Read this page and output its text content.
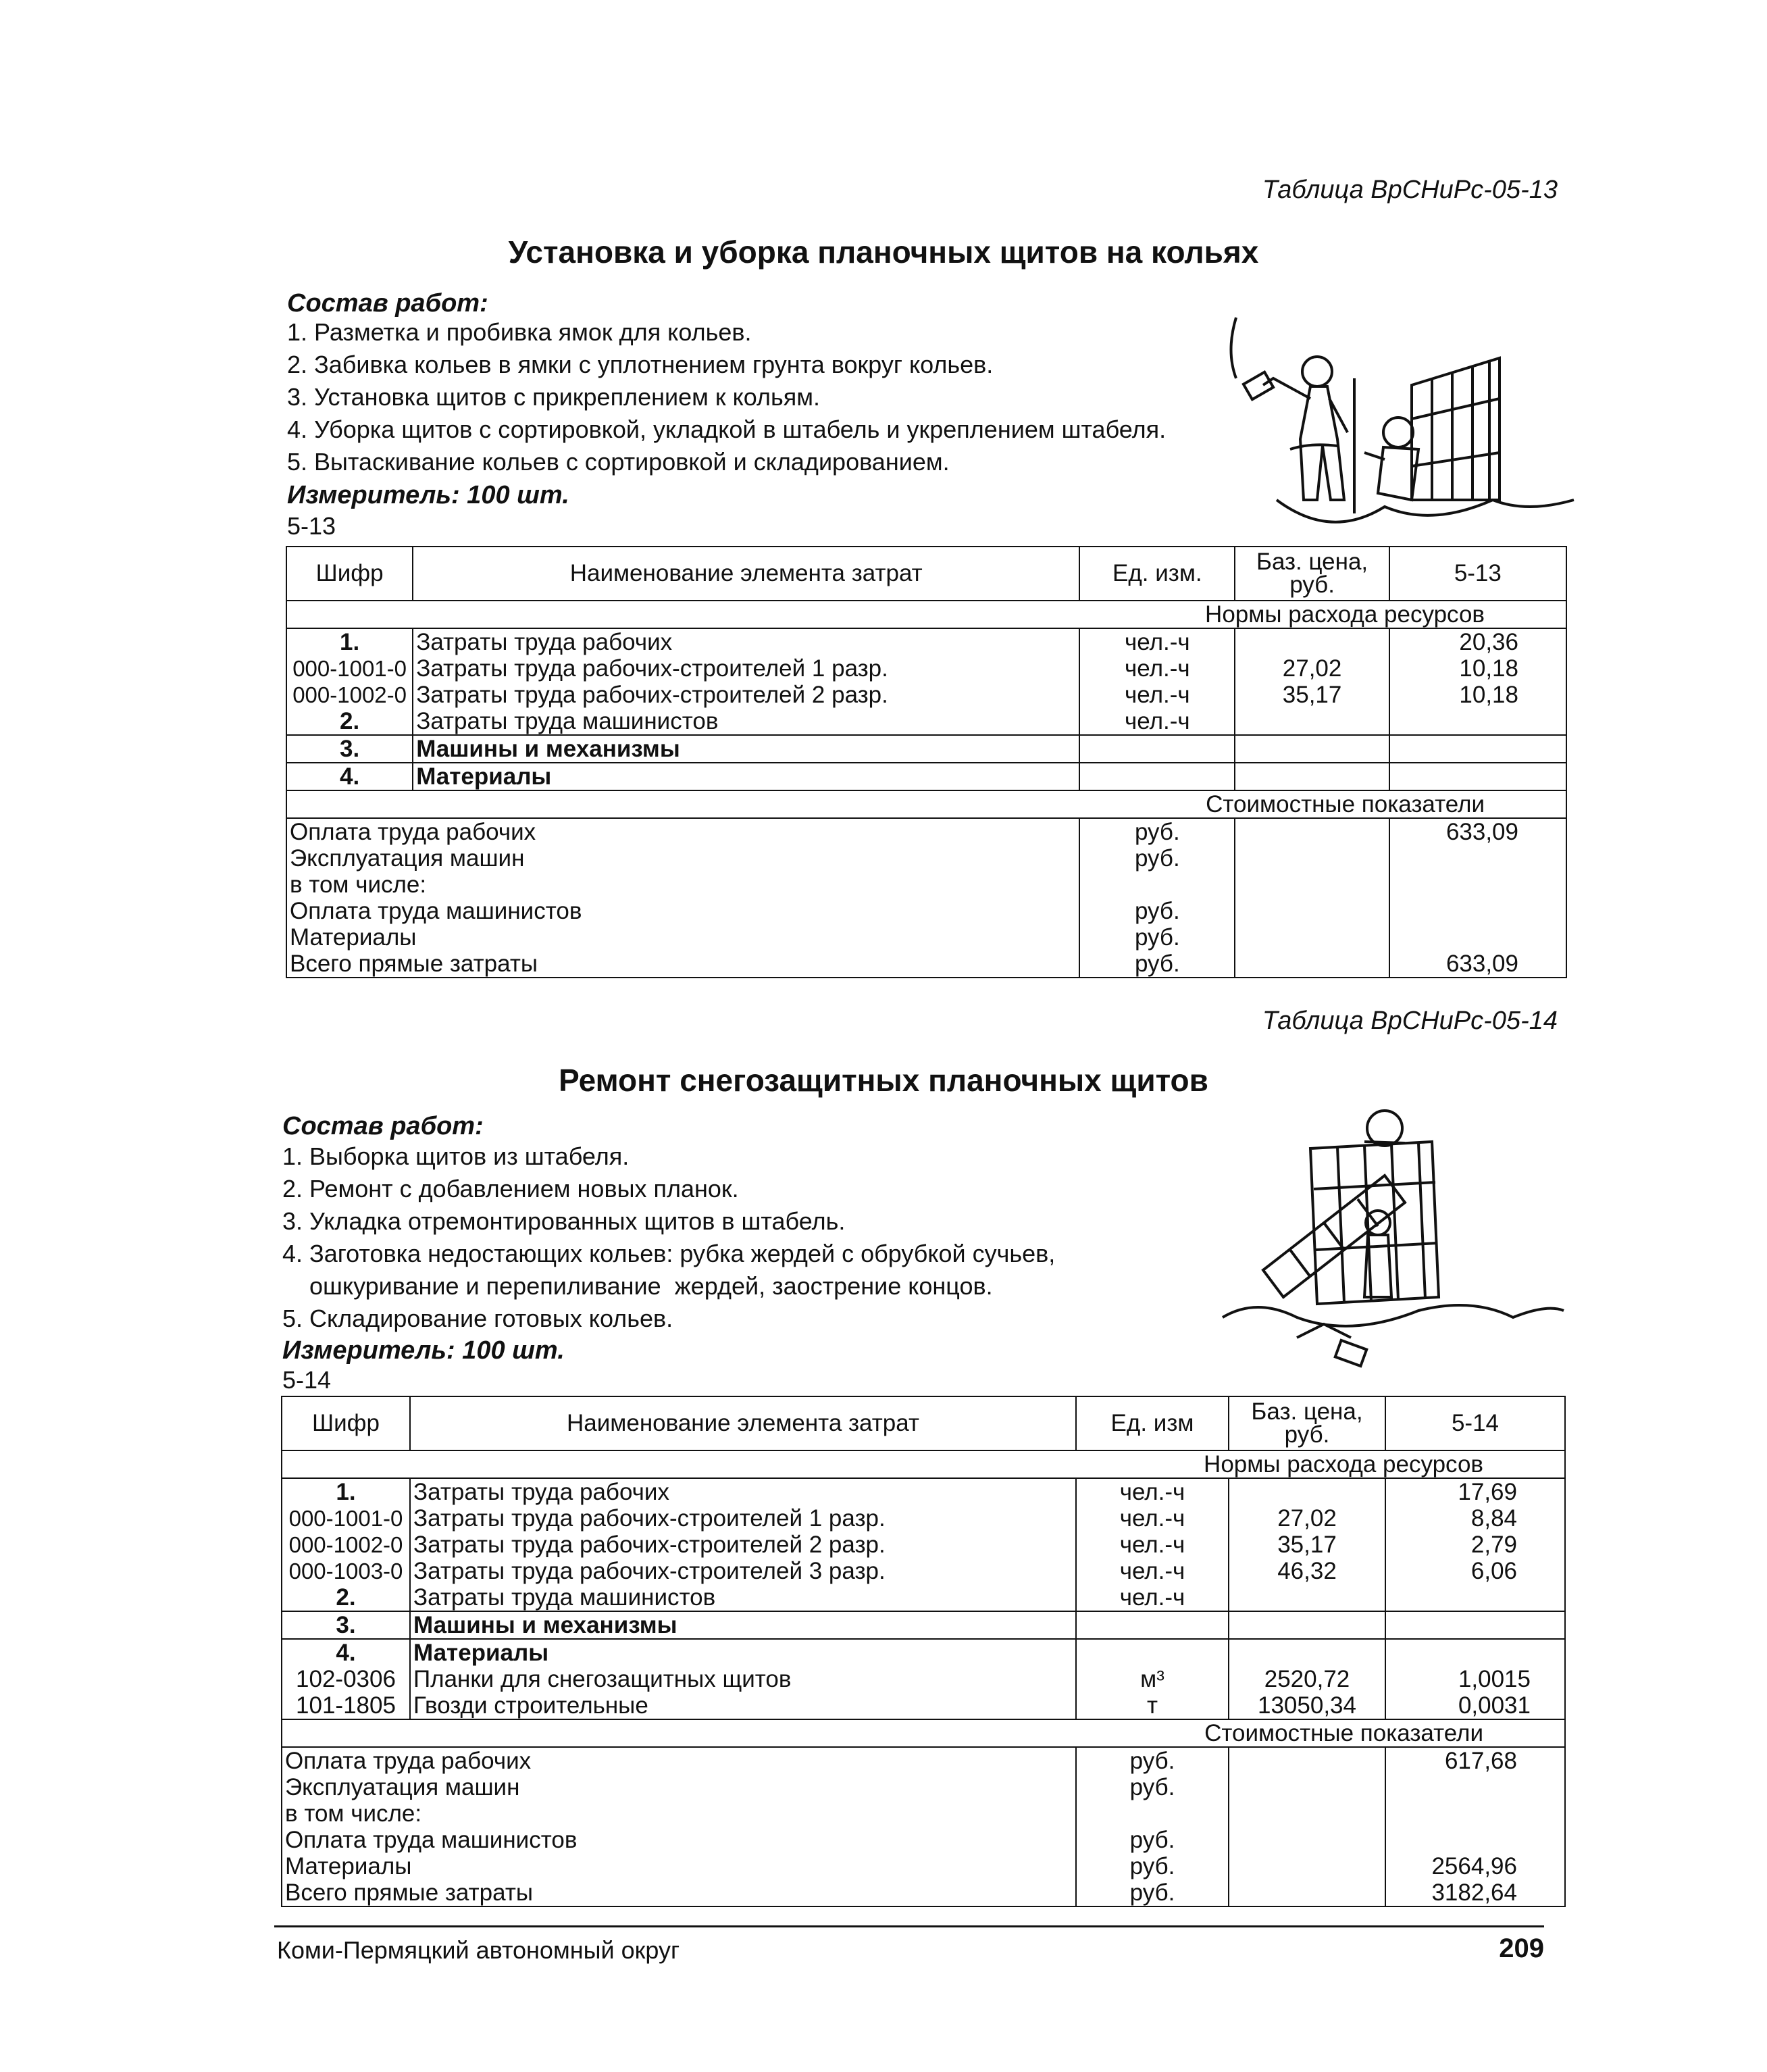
Таблица ВрСНиРс-05-13
Установка и уборка планочных щитов на кольях
Состав работ:
1. Разметка и пробивка ямок для кольев.
2. Забивка кольев в ямки с уплотнением грунта вокруг кольев.
3. Установка щитов с прикреплением к кольям.
4. Уборка щитов с сортировкой, укладкой в штабель и укреплением штабеля.
5. Вытаскивание кольев с сортировкой и складированием.
Измеритель: 100 шт.
5-13
Шифр	Наименование элемента затрат	Ед. изм.	Баз. цена, руб.	5-13
Нормы расхода ресурсов				
1.	Затраты труда рабочих	чел.-ч		20,36
000-1001-0	Затраты труда рабочих-строителей 1 разр.	чел.-ч	27,02	10,18
000-1002-0	Затраты труда рабочих-строителей 2 разр.	чел.-ч	35,17	10,18
2.	Затраты труда машинистов	чел.-ч		
3.	Машины и механизмы			
4.	Материалы			
Стоимостные показатели				
Оплата труда рабочих		руб.		633,09
Эксплуатация машин		руб.		
в том числе:				
Оплата труда машинистов		руб.		
Материалы		руб.		
Всего прямые затраты		руб.		633,09
Таблица ВрСНиРс-05-14
Ремонт снегозащитных планочных щитов
Состав работ:
1. Выборка щитов из штабеля.
2. Ремонт с добавлением новых планок.
3. Укладка отремонтированных щитов в штабель.
4. Заготовка недостающих кольев: рубка жердей с обрубкой сучьев,
ошкуривание и перепиливание  жердей, заострение концов.
5. Складирование готовых кольев.
Измеритель: 100 шт.
5-14
Шифр	Наименование элемента затрат	Ед. изм	Баз. цена, руб.	5-14
Нормы расхода ресурсов				
1.	Затраты труда рабочих	чел.-ч		17,69
000-1001-0	Затраты труда рабочих-строителей 1 разр.	чел.-ч	27,02	8,84
000-1002-0	Затраты труда рабочих-строителей 2 разр.	чел.-ч	35,17	2,79
000-1003-0	Затраты труда рабочих-строителей 3 разр.	чел.-ч	46,32	6,06
2.	Затраты труда машинистов	чел.-ч		
3.	Машины и механизмы			
4.	Материалы			
102-0306	Планки для снегозащитных щитов	м³	2520,72	1,0015
101-1805	Гвозди строительные	т	13050,34	0,0031
Стоимостные показатели				
Оплата труда рабочих		руб.		617,68
Эксплуатация машин		руб.		
в том числе:				
Оплата труда машинистов		руб.		
Материалы		руб.		2564,96
Всего прямые затраты		руб.		3182,64
Коми-Пермяцкий автономный округ	209
